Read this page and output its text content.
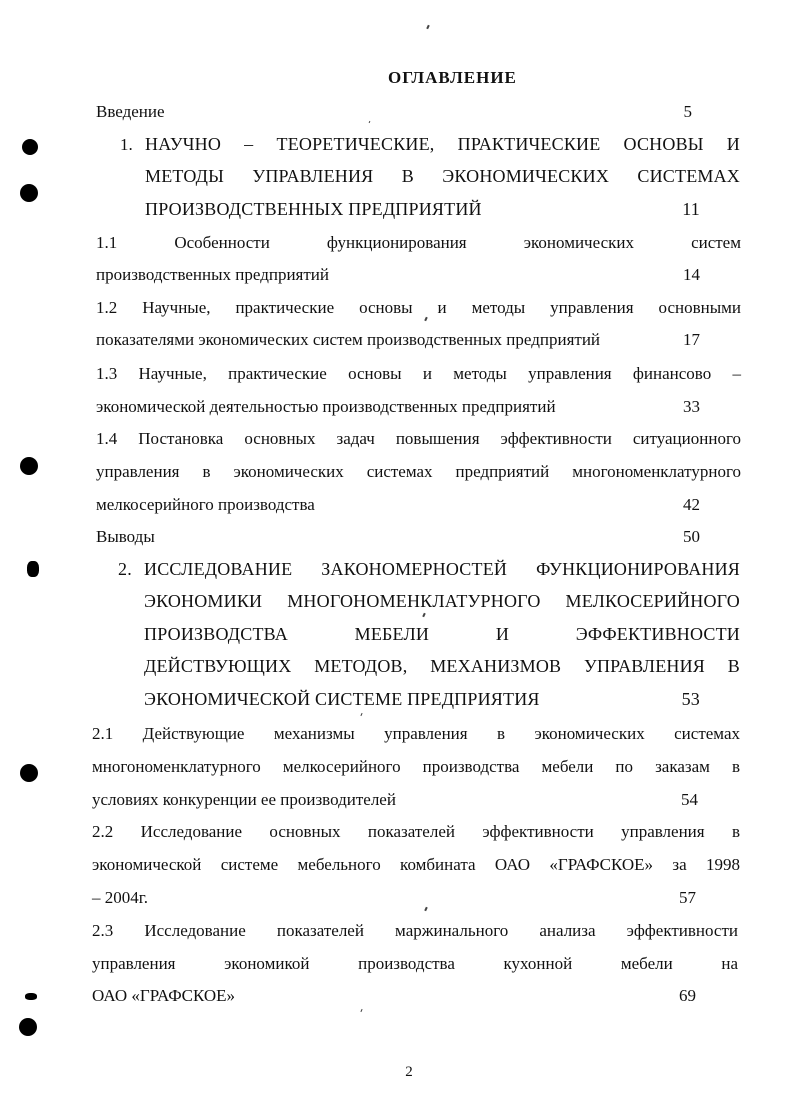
ОГЛАВЛЕНИЕ
Введение	5
1. НАУЧНО – ТЕОРЕТИЧЕСКИЕ, ПРАКТИЧЕСКИЕ ОСНОВЫ И
МЕТОДЫ УПРАВЛЕНИЯ В ЭКОНОМИЧЕСКИХ СИСТЕМАХ
ПРОИЗВОДСТВЕННЫХ ПРЕДПРИЯТИЙ	11
1.1 Особенности функционирования экономических систем
производственных предприятий	14
1.2 Научные, практические основы и методы управления основными
показателями экономических систем производственных предприятий	17
1.3 Научные, практические основы и методы управления финансово –
экономической деятельностью производственных предприятий	33
1.4 Постановка основных задач повышения эффективности ситуационного
управления в экономических системах предприятий многономенклатурного
мелкосерийного производства	42
Выводы	50
2. ИССЛЕДОВАНИЕ ЗАКОНОМЕРНОСТЕЙ ФУНКЦИОНИРОВАНИЯ
ЭКОНОМИКИ МНОГОНОМЕНКЛАТУРНОГО МЕЛКОСЕРИЙНОГО
ПРОИЗВОДСТВА МЕБЕЛИ И ЭФФЕКТИВНОСТИ
ДЕЙСТВУЮЩИХ МЕТОДОВ, МЕХАНИЗМОВ УПРАВЛЕНИЯ В
ЭКОНОМИЧЕСКОЙ СИСТЕМЕ ПРЕДПРИЯТИЯ	53
2.1 Действующие механизмы управления в экономических системах
многономенклатурного мелкосерийного производства мебели по заказам в
условиях конкуренции ее производителей	54
2.2 Исследование основных показателей эффективности управления в
экономической системе мебельного комбината ОАО «ГРАФСКОЕ» за 1998
– 2004г.	57
2.3 Исследование показателей маржинального анализа эффективности
управления экономикой производства кухонной мебели на
ОАО «ГРАФСКОЕ»	69
2
